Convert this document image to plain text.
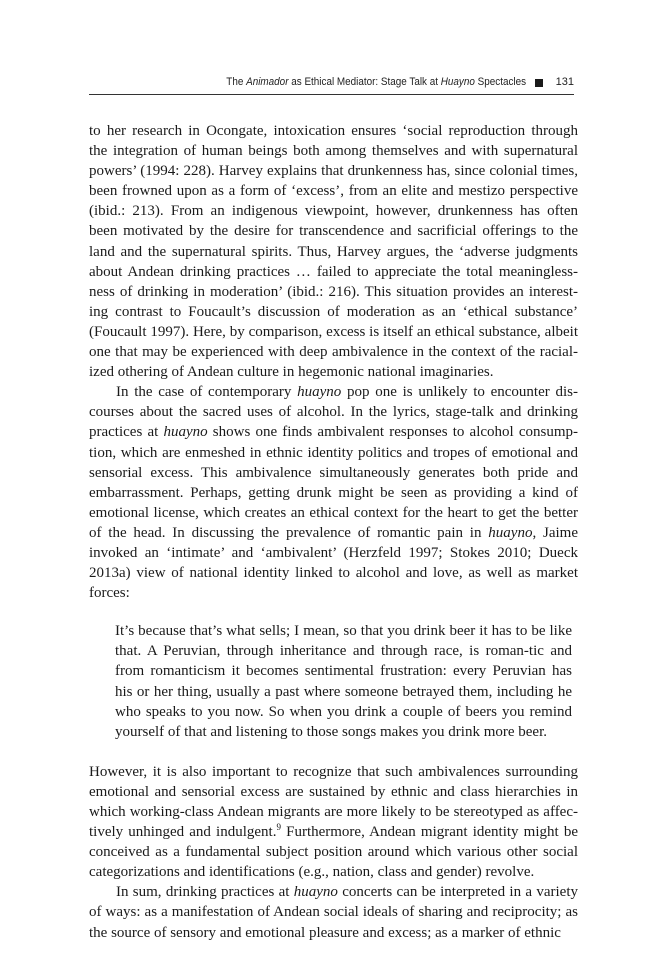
The Animador as Ethical Mediator: Stage Talk at Huayno Spectacles	131

to her research in Ocongate, intoxication ensures ‘social reproduction through the integration of human beings both among themselves and with supernatural powers’ (1994: 228). Harvey explains that drunkenness has, since colonial times, been frowned upon as a form of ‘excess’, from an elite and mestizo perspective (ibid.: 213). From an indigenous viewpoint, however, drunkenness has often been motivated by the desire for transcendence and sacrificial offerings to the land and the supernatural spirits. Thus, Harvey argues, the ‘adverse judgments about Andean drinking practices … failed to appreciate the total meaningless-ness of drinking in moderation’ (ibid.: 216). This situation provides an interest-ing contrast to Foucault’s discussion of moderation as an ‘ethical substance’ (Foucault 1997). Here, by comparison, excess is itself an ethical substance, albeit one that may be experienced with deep ambivalence in the context of the racial-ized othering of Andean culture in hegemonic national imaginaries.

In the case of contemporary huayno pop one is unlikely to encounter dis-courses about the sacred uses of alcohol. In the lyrics, stage-talk and drinking practices at huayno shows one finds ambivalent responses to alcohol consump-tion, which are enmeshed in ethnic identity politics and tropes of emotional and sensorial excess. This ambivalence simultaneously generates both pride and embarrassment. Perhaps, getting drunk might be seen as providing a kind of emotional license, which creates an ethical context for the heart to get the better of the head. In discussing the prevalence of romantic pain in huayno, Jaime invoked an ‘intimate’ and ‘ambivalent’ (Herzfeld 1997; Stokes 2010; Dueck 2013a) view of national identity linked to alcohol and love, as well as market forces:

It’s because that’s what sells; I mean, so that you drink beer it has to be like that. A Peruvian, through inheritance and through race, is roman-tic and from romanticism it becomes sentimental frustration: every Peruvian has his or her thing, usually a past where someone betrayed them, including he who speaks to you now. So when you drink a couple of beers you remind yourself of that and listening to those songs makes you drink more beer.

However, it is also important to recognize that such ambivalences surrounding emotional and sensorial excess are sustained by ethnic and class hierarchies in which working-class Andean migrants are more likely to be stereotyped as affec-tively unhinged and indulgent.$^9$ Furthermore, Andean migrant identity might be conceived as a fundamental subject position around which various other social categorizations and identifications (e.g., nation, class and gender) revolve.

In sum, drinking practices at huayno concerts can be interpreted in a variety of ways: as a manifestation of Andean social ideals of sharing and reciprocity; as the source of sensory and emotional pleasure and excess; as a marker of ethnic
